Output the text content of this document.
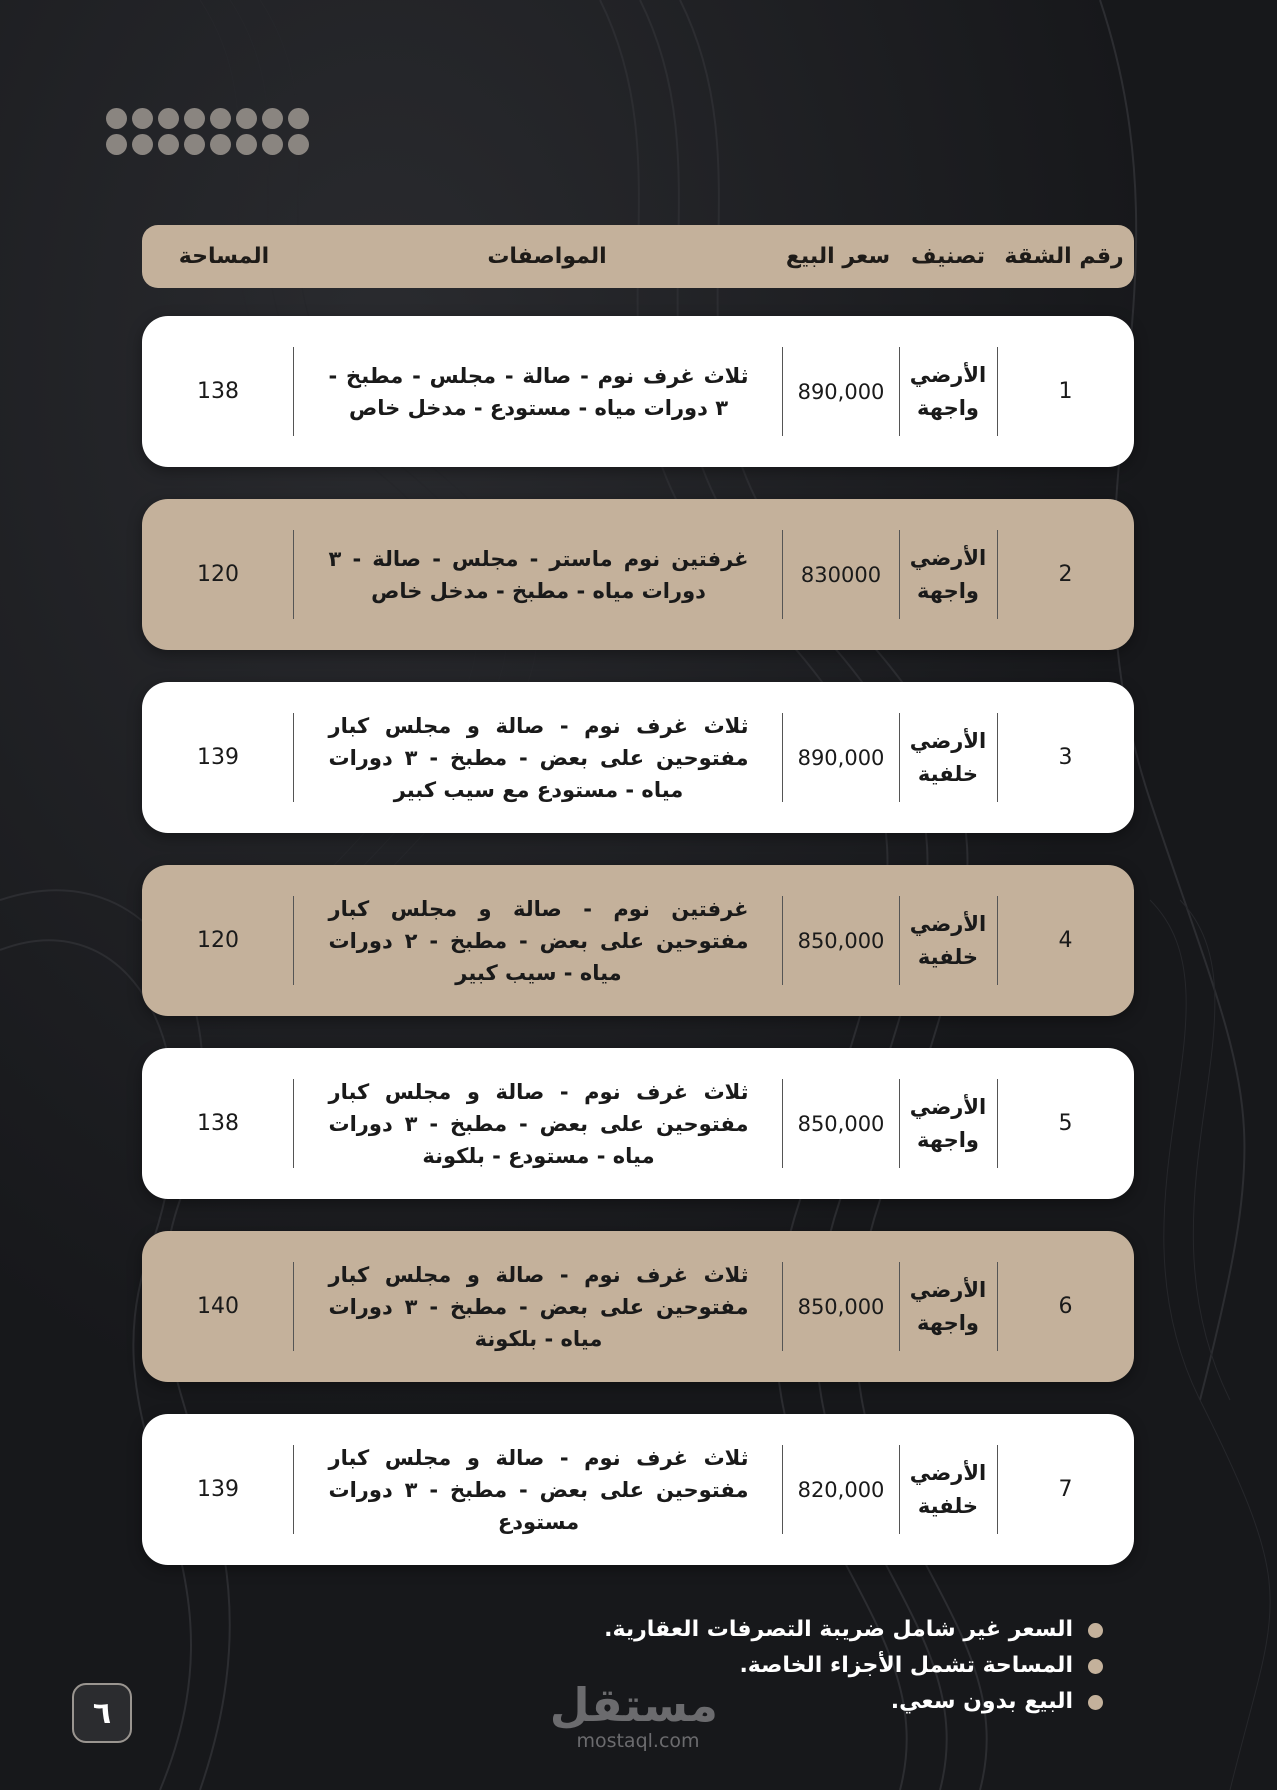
رقم الشقة
تصنيف
سعر البيع
المواصفات
المساحة
1
الأرضي
واجهة
890,000
ثلاث غرف نوم - صالة - مجلس - مطبخ - ٣ دورات مياه - مستودع - مدخل خاص
138
2
الأرضي
واجهة
830000
غرفتين نوم ماستر - مجلس - صالة - ٣ دورات مياه - مطبخ - مدخل خاص
120
3
الأرضي
خلفية
890,000
ثلاث غرف نوم - صالة و مجلس كبار مفتوحين على بعض - مطبخ - ٣ دورات مياه - مستودع مع سيب كبير
139
4
الأرضي
خلفية
850,000
غرفتين نوم - صالة و مجلس كبار مفتوحين على بعض - مطبخ - ٢ دورات مياه - سيب كبير
120
5
الأرضي
واجهة
850,000
ثلاث غرف نوم - صالة و مجلس كبار مفتوحين على بعض - مطبخ - ٣ دورات مياه - مستودع - بلكونة
138
6
الأرضي
واجهة
850,000
ثلاث غرف نوم - صالة و مجلس كبار مفتوحين على بعض - مطبخ - ٣ دورات مياه - بلكونة
140
7
الأرضي
خلفية
820,000
ثلاث غرف نوم - صالة و مجلس كبار مفتوحين على بعض - مطبخ - ٣ دورات مستودع
139
السعر غير شامل ضريبة التصرفات العقارية.
المساحة تشمل الأجزاء الخاصة.
البيع بدون سعي.
٦	مستقل
mostaql.com
